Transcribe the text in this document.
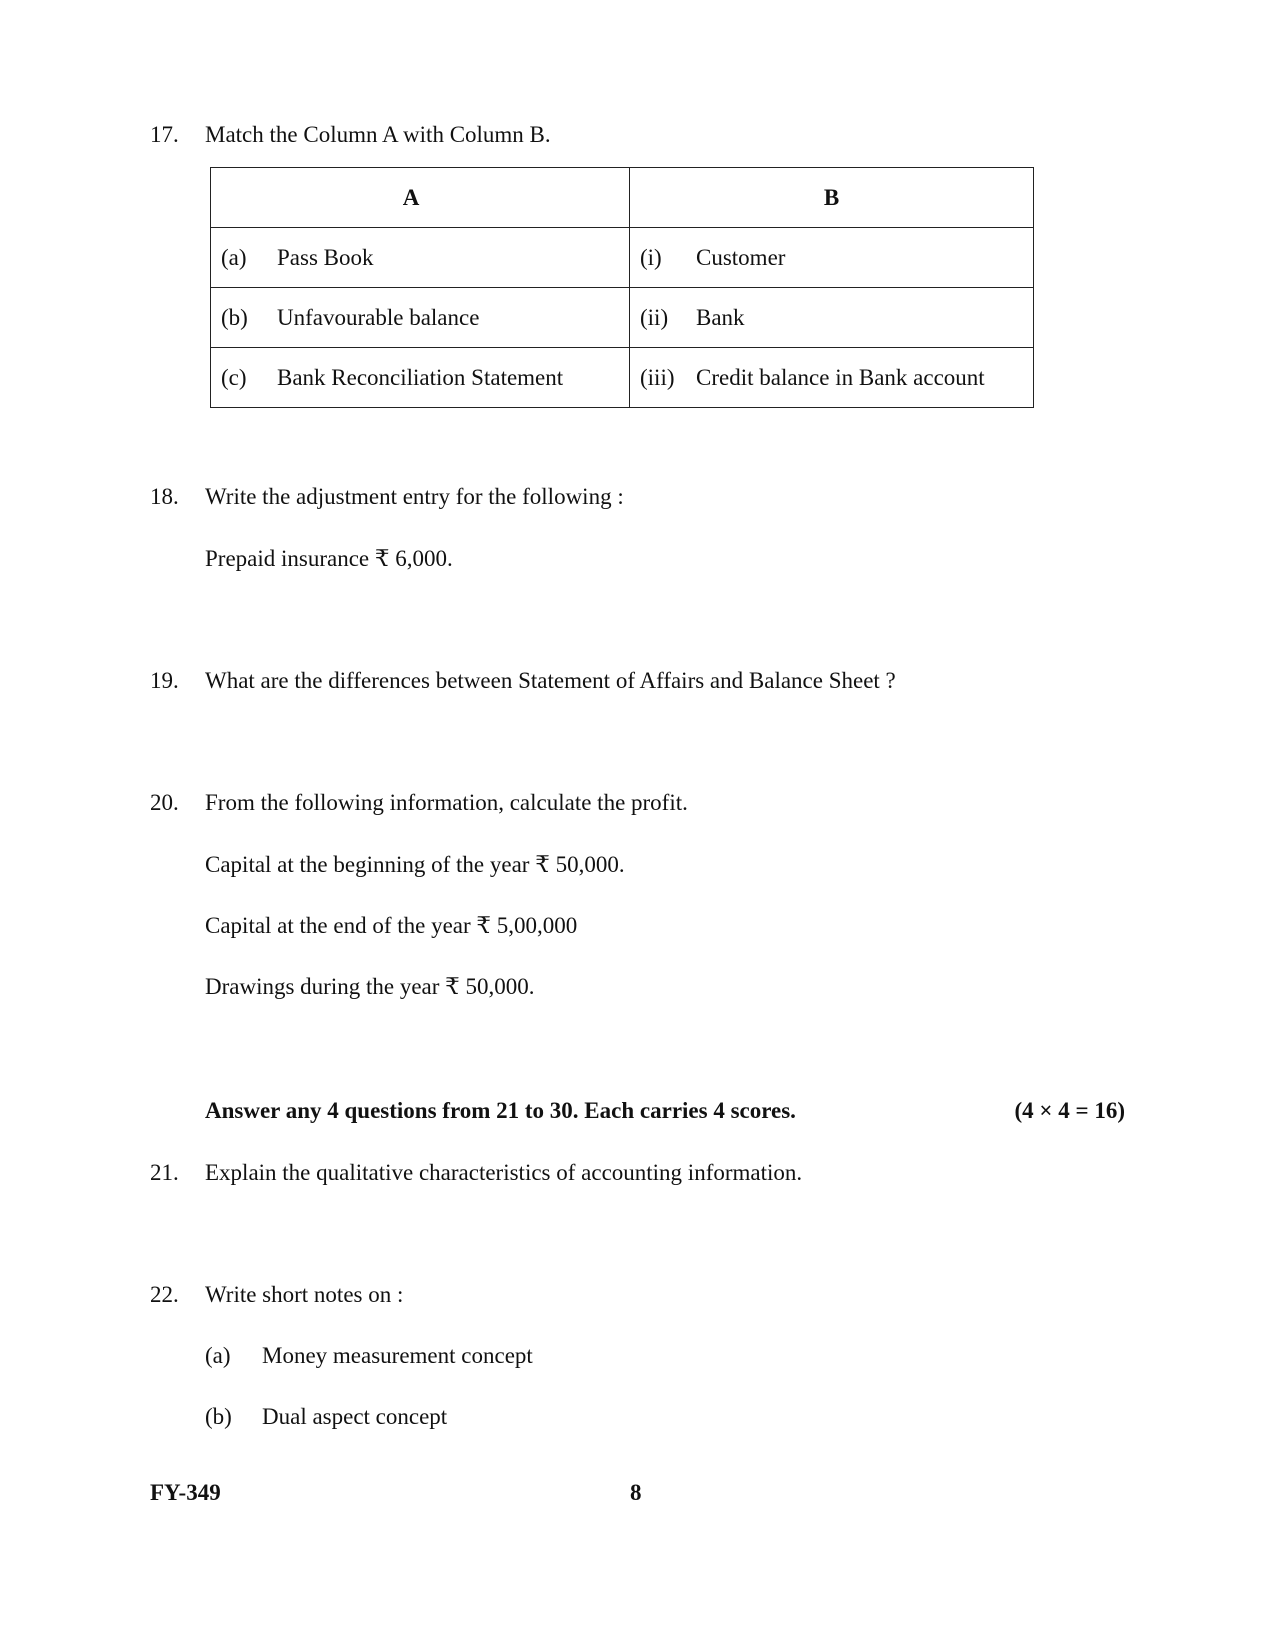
17. Match the Column A with Column B.
A	B
(a) Pass Book	(i) Customer
(b) Unfavourable balance	(ii) Bank
(c) Bank Reconciliation Statement	(iii) Credit balance in Bank account
18. Write the adjustment entry for the following :
Prepaid insurance ₹ 6,000.
19. What are the differences between Statement of Affairs and Balance Sheet ?
20. From the following information, calculate the profit.
Capital at the beginning of the year ₹ 50,000.
Capital at the end of the year ₹ 5,00,000
Drawings during the year ₹ 50,000.
Answer any 4 questions from 21 to 30. Each carries 4 scores.	(4 × 4 = 16)
21. Explain the qualitative characteristics of accounting information.
22. Write short notes on :
(a) Money measurement concept
(b) Dual aspect concept
FY-349	8
